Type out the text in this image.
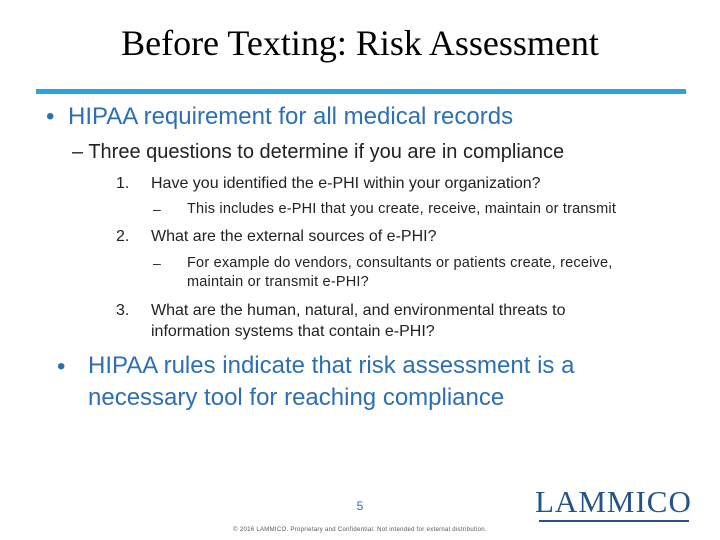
Before Texting: Risk Assessment
• HIPAA requirement for all medical records
– Three questions to determine if you are in compliance
1. Have you identified the e-PHI within your organization?
– This includes e-PHI that you create, receive, maintain or transmit
2. What are the external sources of e-PHI?
– For example do vendors, consultants or patients create, receive,
maintain or transmit e-PHI?
3. What are the human, natural, and environmental threats to
information systems that contain e-PHI?
• HIPAA rules indicate that risk assessment is a
necessary tool for reaching compliance
5	LAMMICO
© 2016 LAMMICO. Proprietary and Confidential. Not intended for external distribution.
